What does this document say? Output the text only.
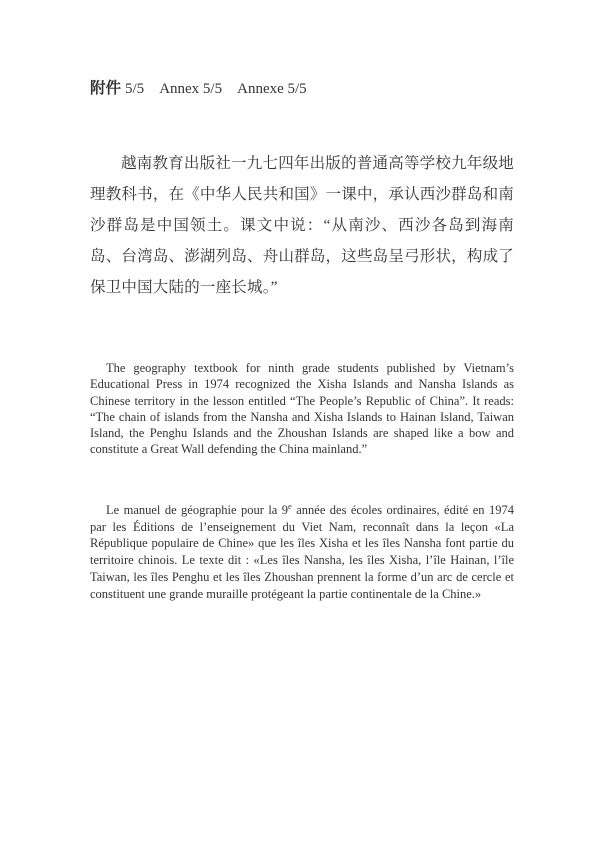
附件 5/5 Annex 5/5 Annexe 5/5

越南教育出版社一九七四年出版的普通高等学校九年级地理教科书，在《中华人民共和国》一课中，承认西沙群岛和南沙群岛是中国领土。课文中说：“从南沙、西沙各岛到海南岛、台湾岛、澎湖列岛、舟山群岛，这些岛呈弓形状，构成了保卫中国大陆的一座长城。”

The geography textbook for ninth grade students published by Vietnam’s Educational Press in 1974 recognized the Xisha Islands and Nansha Islands as Chinese territory in the lesson entitled “The People’s Republic of China”. It reads: “The chain of islands from the Nansha and Xisha Islands to Hainan Island, Taiwan Island, the Penghu Islands and the Zhoushan Islands are shaped like a bow and constitute a Great Wall defending the China mainland.”

Le manuel de géographie pour la 9e année des écoles ordinaires, édité en 1974 par les Éditions de l’enseignement du Viet Nam, reconnaît dans la leçon «La République populaire de Chine» que les îles Xisha et les îles Nansha font partie du territoire chinois. Le texte dit : «Les îles Nansha, les îles Xisha, l’île Hainan, l’île Taiwan, les îles Penghu et les îles Zhoushan prennent la forme d’un arc de cercle et constituent une grande muraille protégeant la partie continentale de la Chine.»
